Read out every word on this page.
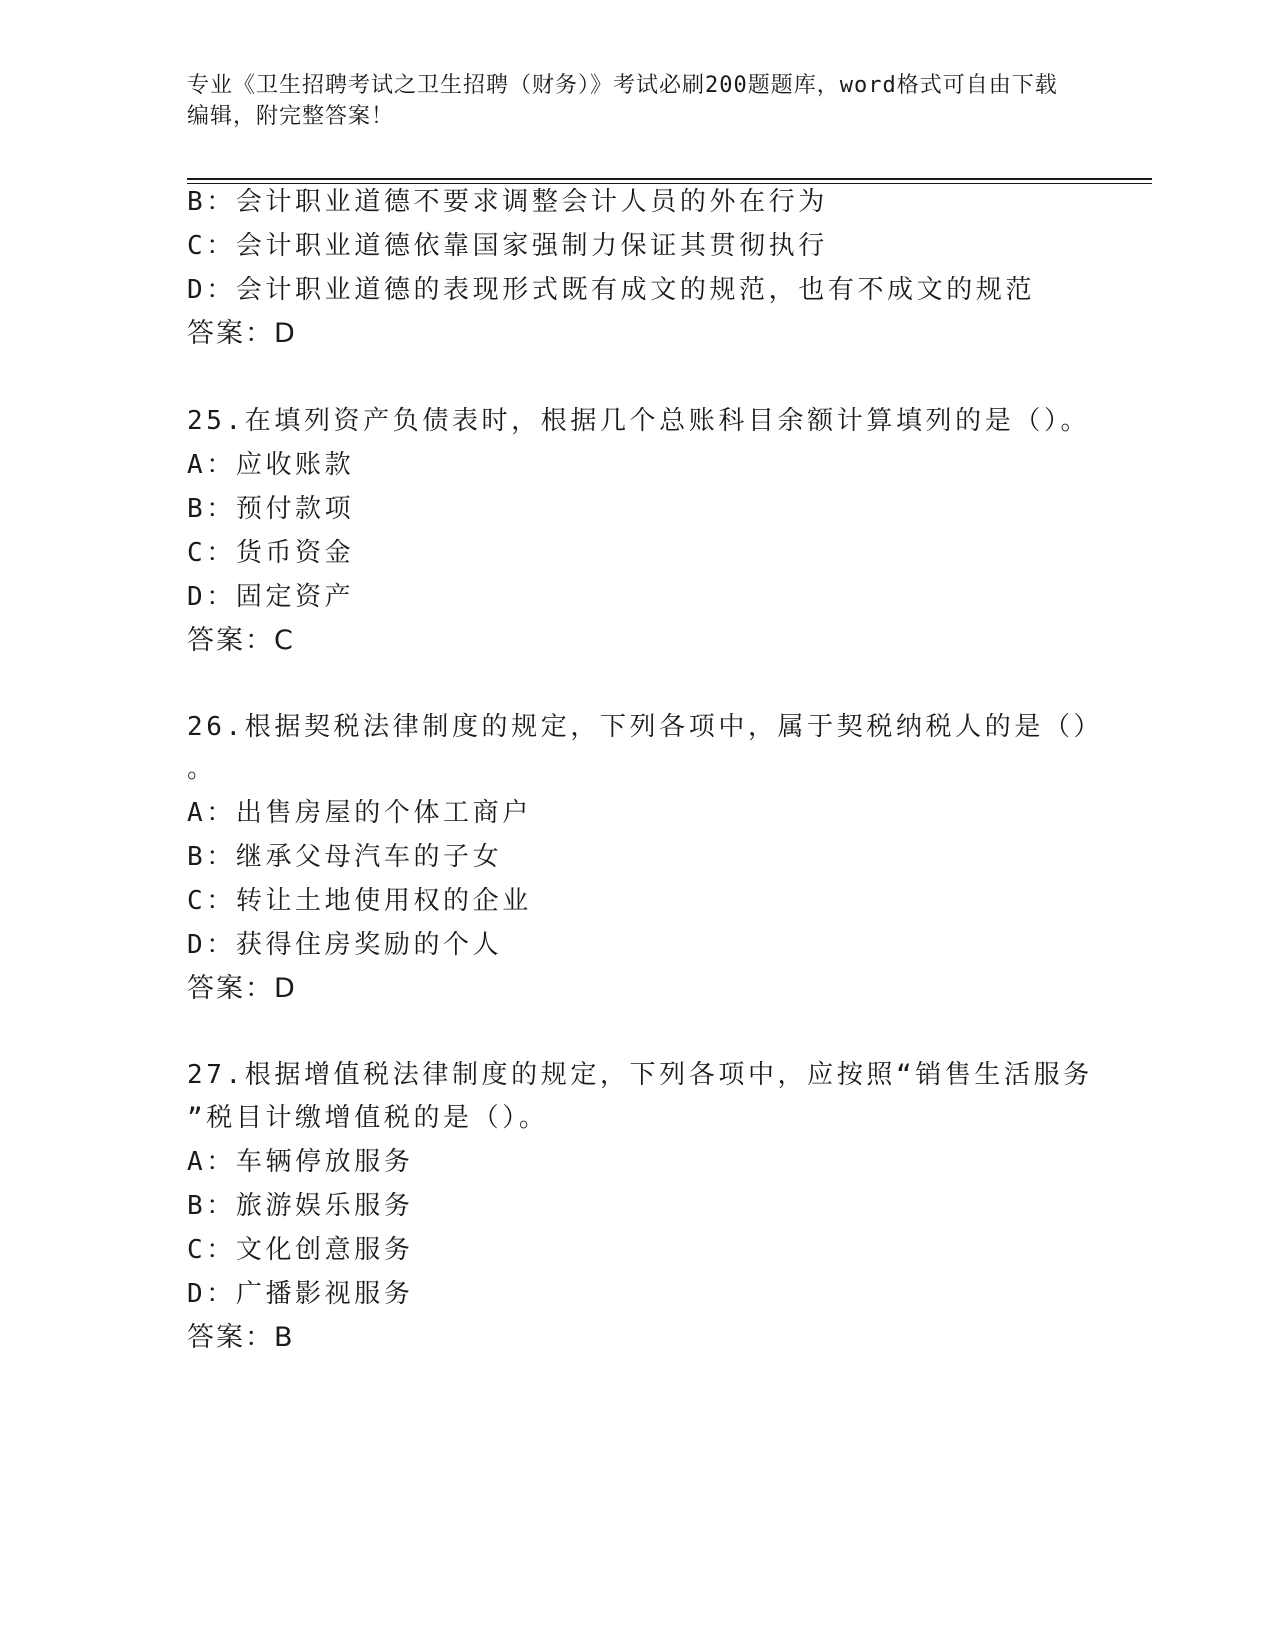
专业《卫生招聘考试之卫生招聘（财务）》考试必刷200题题库，word格式可自由下载编辑，附完整答案！

B：会计职业道德不要求调整会计人员的外在行为

C：会计职业道德依靠国家强制力保证其贯彻执行

D：会计职业道德的表现形式既有成文的规范，也有不成文的规范

答案：D

25.在填列资产负债表时，根据几个总账科目余额计算填列的是（）。

A：应收账款

B：预付款项

C：货币资金

D：固定资产

答案：C

26.根据契税法律制度的规定，下列各项中，属于契税纳税人的是（）

。

A：出售房屋的个体工商户

B：继承父母汽车的子女

C：转让土地使用权的企业

D：获得住房奖励的个人

答案：D

27.根据增值税法律制度的规定，下列各项中，应按照“销售生活服务

”税目计缴增值税的是（）。

A：车辆停放服务

B：旅游娱乐服务

C：文化创意服务

D：广播影视服务

答案：B
